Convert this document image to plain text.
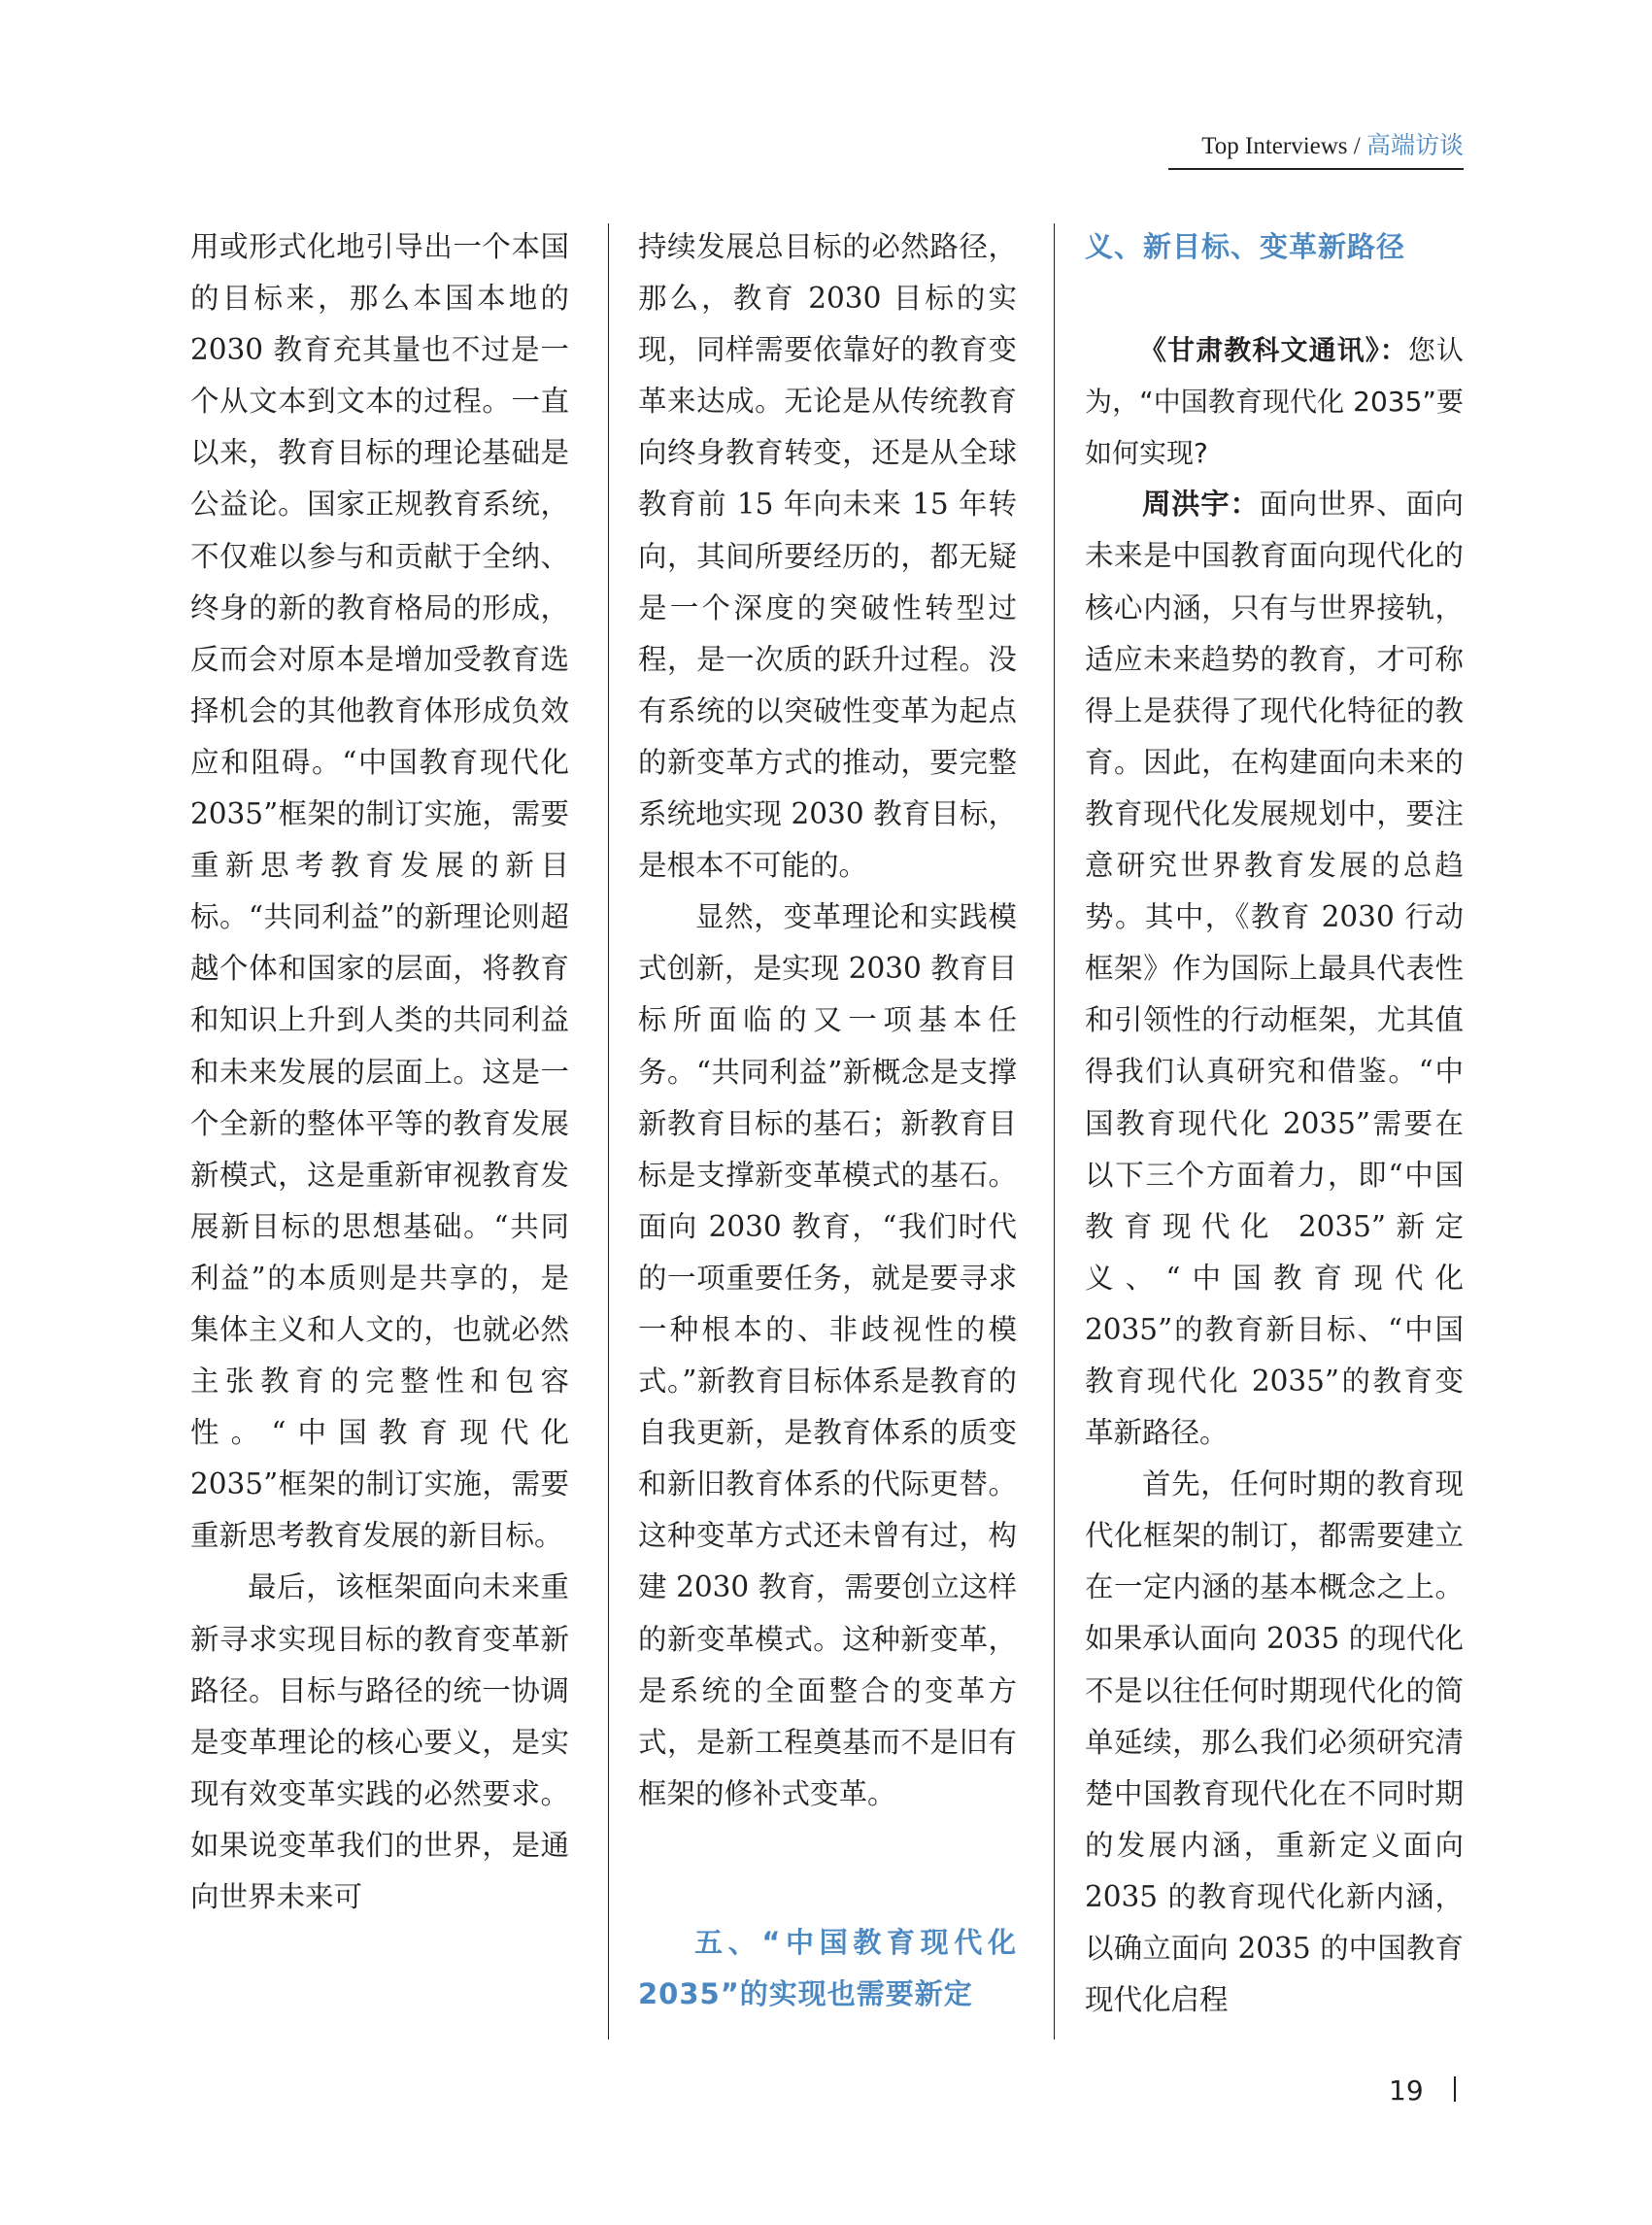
Top Interviews / 高端访谈

用或形式化地引导出一个本国的目标来，那么本国本地的 2030 教育充其量也不过是一个从文本到文本的过程。一直以来，教育目标的理论基础是公益论。国家正规教育系统，不仅难以参与和贡献于全纳、终身的新的教育格局的形成，反而会对原本是增加受教育选择机会的其他教育体形成负效应和阻碍。“中国教育现代化 2035”框架的制订实施，需要重新思考教育发展的新目标。“共同利益”的新理论则超越个体和国家的层面，将教育和知识上升到人类的共同利益和未来发展的层面上。这是一个全新的整体平等的教育发展新模式，这是重新审视教育发展新目标的思想基础。“共同利益”的本质则是共享的，是集体主义和人文的，也就必然主张教育的完整性和包容性。“中国教育现代化 2035”框架的制订实施，需要重新思考教育发展的新目标。

最后，该框架面向未来重新寻求实现目标的教育变革新路径。目标与路径的统一协调是变革理论的核心要义，是实现有效变革实践的必然要求。如果说变革我们的世界，是通向世界未来可

持续发展总目标的必然路径，那么，教育 2030 目标的实现，同样需要依靠好的教育变革来达成。无论是从传统教育向终身教育转变，还是从全球教育前 15 年向未来 15 年转向，其间所要经历的，都无疑是一个深度的突破性转型过程，是一次质的跃升过程。没有系统的以突破性变革为起点的新变革方式的推动，要完整系统地实现 2030 教育目标，是根本不可能的。

显然，变革理论和实践模式创新，是实现 2030 教育目标所面临的又一项基本任务。“共同利益”新概念是支撑新教育目标的基石；新教育目标是支撑新变革模式的基石。面向 2030 教育，“我们时代的一项重要任务，就是要寻求一种根本的、非歧视性的模式。”新教育目标体系是教育的自我更新，是教育体系的质变和新旧教育体系的代际更替。这种变革方式还未曾有过，构建 2030 教育，需要创立这样的新变革模式。这种新变革，是系统的全面整合的变革方式，是新工程奠基而不是旧有框架的修补式变革。

五、“中国教育现代化 2035”的实现也需要新定

义、新目标、变革新路径

《甘肃教科文通讯》：您认为，“中国教育现代化 2035”要如何实现?

周洪宇：面向世界、面向未来是中国教育面向现代化的核心内涵，只有与世界接轨，适应未来趋势的教育，才可称得上是获得了现代化特征的教育。因此，在构建面向未来的教育现代化发展规划中，要注意研究世界教育发展的总趋势。其中，《教育 2030 行动框架》作为国际上最具代表性和引领性的行动框架，尤其值得我们认真研究和借鉴。“中国教育现代化 2035”需要在以下三个方面着力，即“中国教育现代化 2035”新定义、“中国教育现代化 2035”的教育新目标、“中国教育现代化 2035”的教育变革新路径。

首先，任何时期的教育现代化框架的制订，都需要建立在一定内涵的基本概念之上。如果承认面向 2035 的现代化不是以往任何时期现代化的简单延续，那么我们必须研究清楚中国教育现代化在不同时期的发展内涵，重新定义面向 2035 的教育现代化新内涵，以确立面向 2035 的中国教育现代化启程

19
